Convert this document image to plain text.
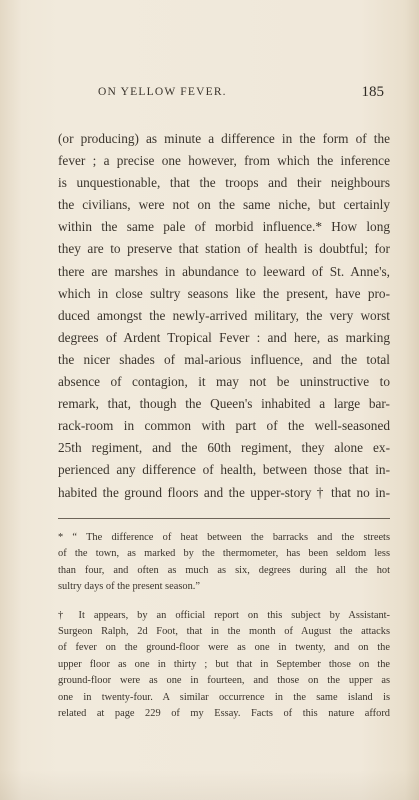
ON YELLOW FEVER.	185
(or producing) as minute a difference in the form of the
fever ; a precise one however, from which the inference
is unquestionable, that the troops and their neighbours
the civilians, were not on the same niche, but certainly
within the same pale of morbid influence.* How long
they are to preserve that station of health is doubtful; for
there are marshes in abundance to leeward of St. Anne's,
which in close sultry seasons like the present, have pro-
duced amongst the newly-arrived military, the very worst
degrees of Ardent Tropical Fever : and here, as marking
the nicer shades of mal-arious influence, and the total
absence of contagion, it may not be uninstructive to
remark, that, though the Queen's inhabited a large bar-
rack-room in common with part of the well-seasoned
25th regiment, and the 60th regiment, they alone ex-
perienced any difference of health, between those that in-
habited the ground floors and the upper-story † that no in-
* “ The difference of heat between the barracks and the streets
of the town, as marked by the thermometer, has been seldom less
than four, and often as much as six, degrees during all the hot
sultry days of the present season.”
† It appears, by an official report on this subject by Assistant-
Surgeon Ralph, 2d Foot, that in the month of August the attacks
of fever on the ground-floor were as one in twenty, and on the
upper floor as one in thirty ; but that in September those on the
ground-floor were as one in fourteen, and those on the upper as
one in twenty-four. A similar occurrence in the same island is
related at page 229 of my Essay. Facts of this nature afford
